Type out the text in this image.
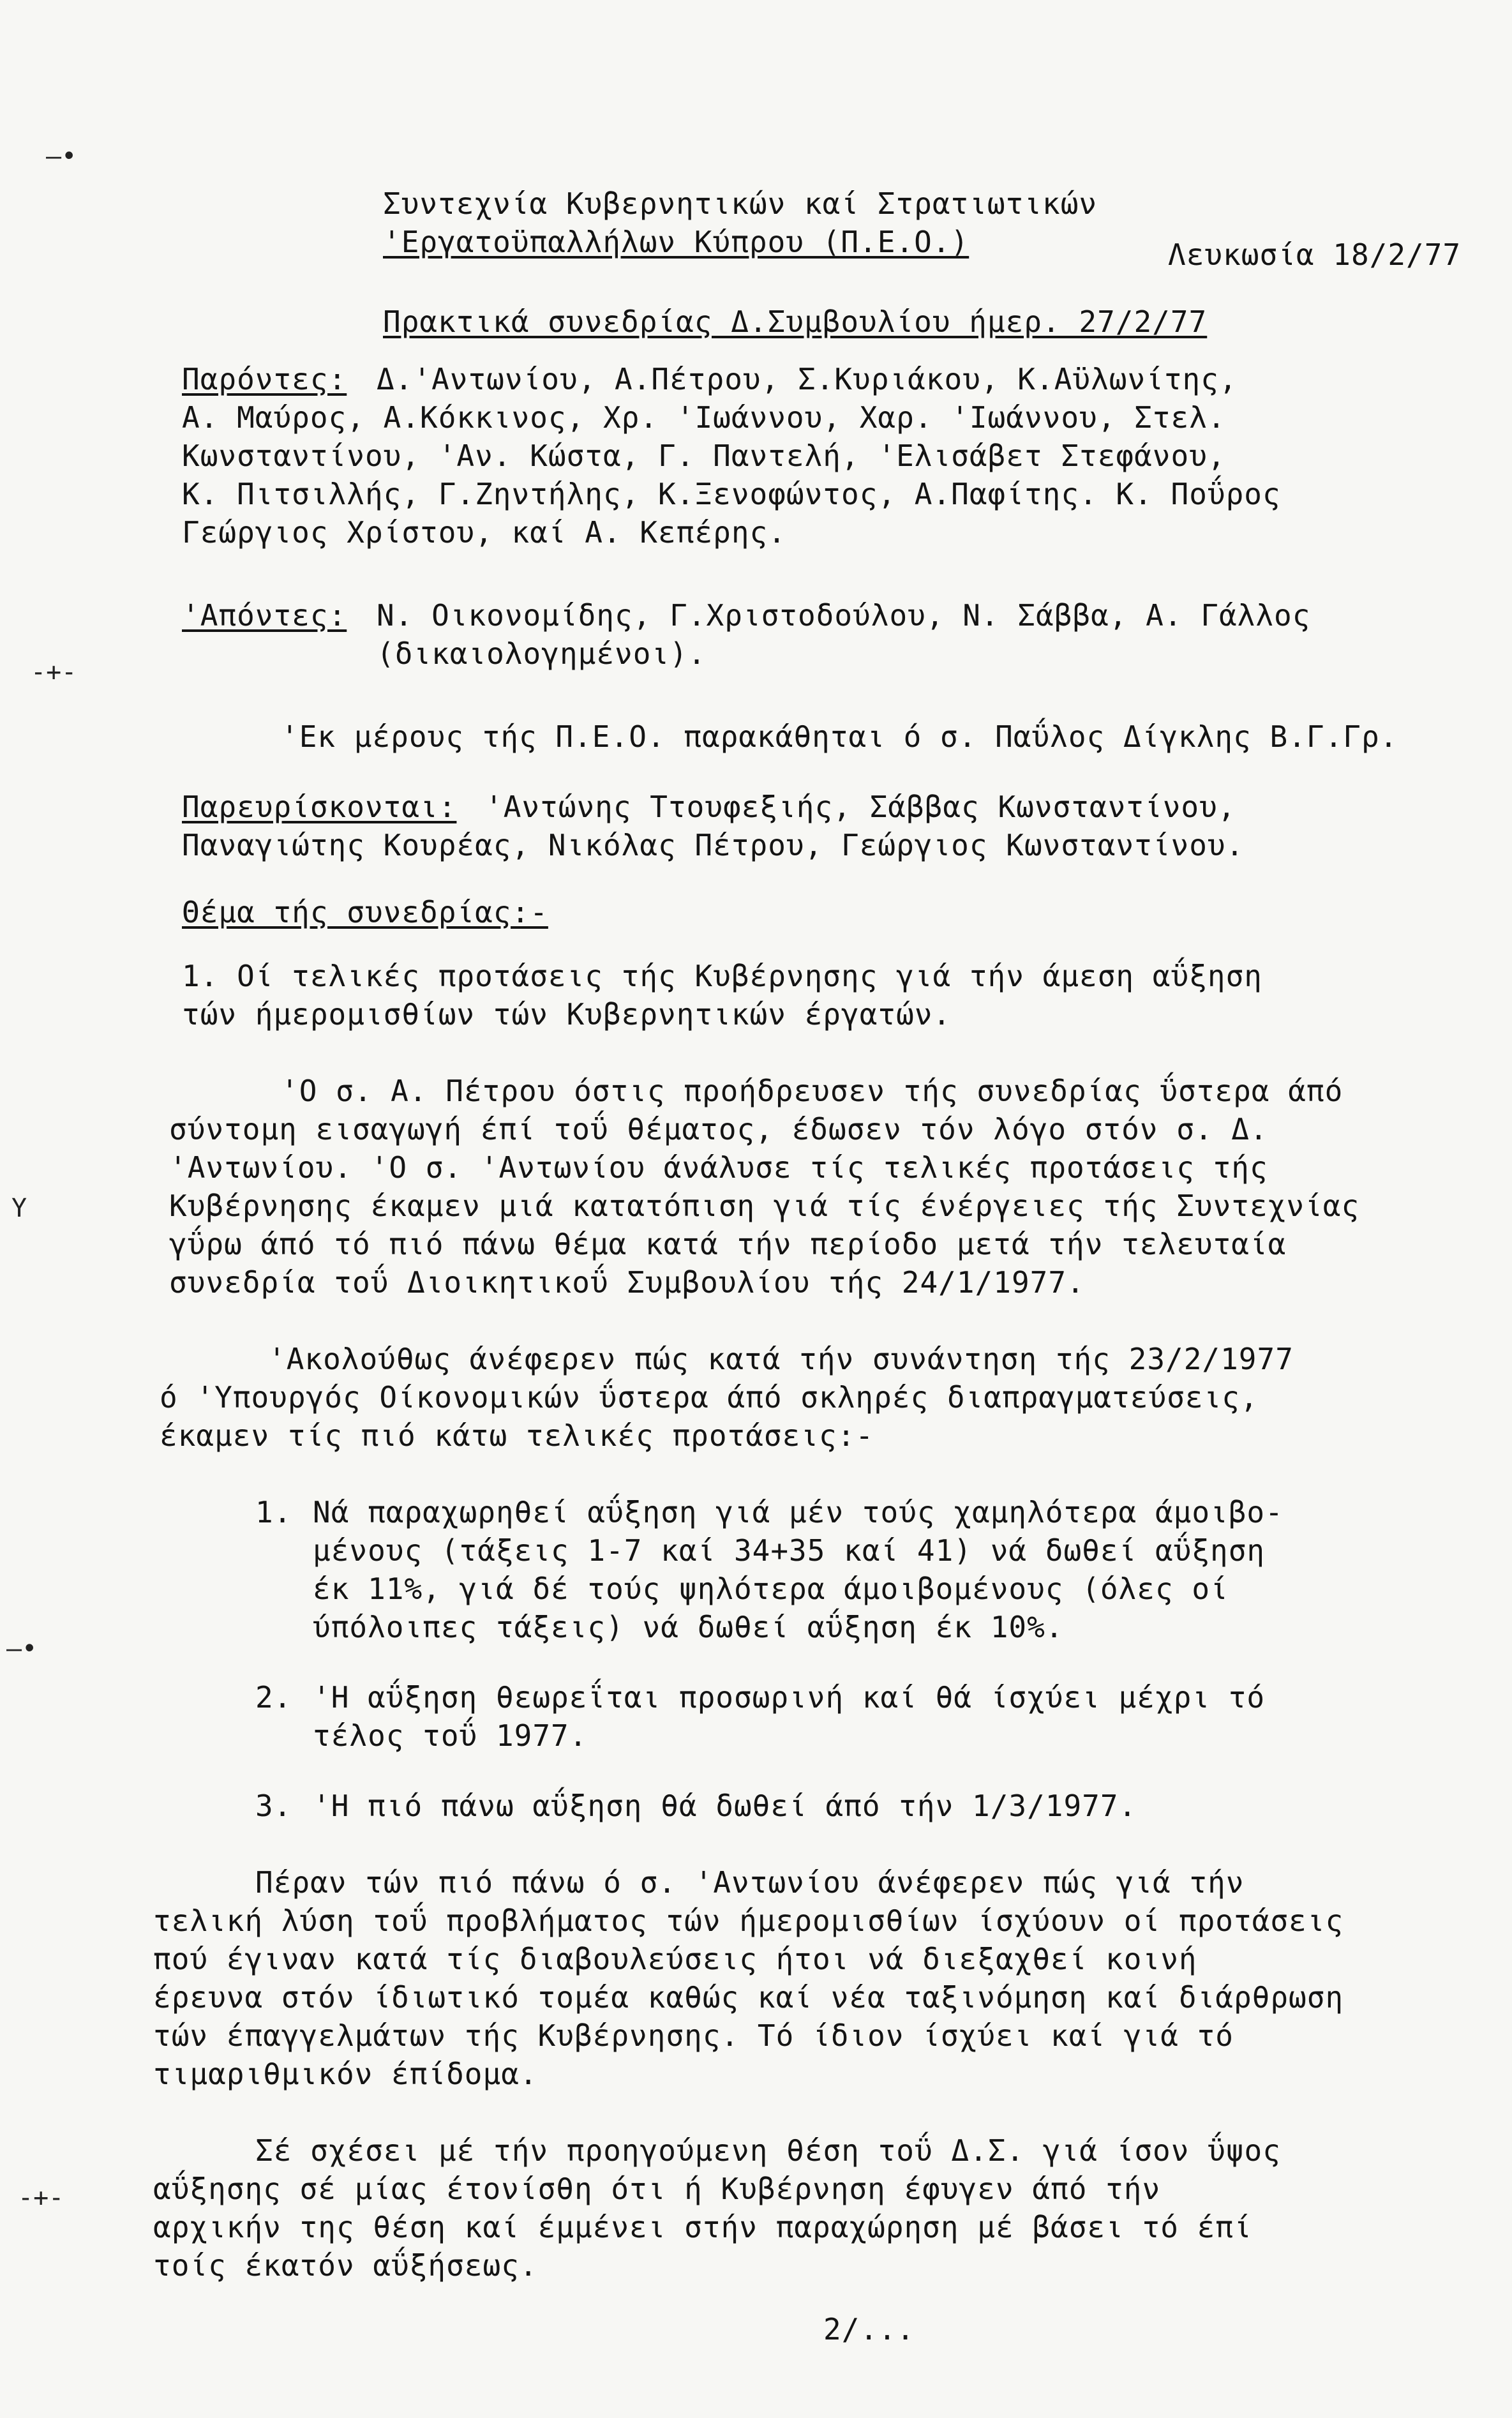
—•
-+-
Y
—•
-+-
Συντεχνία Κυβερνητικών καί Στρατιωτικών
'Εργατοϋπαλλήλων Κύπρου (Π.Ε.Ο.)	Λευκωσία 18/2/77
Πρακτικά συνεδρίας Δ.Συμβουλίου ήμερ. 27/2/77
Παρόντες: Δ.'Αντωνίου, Α.Πέτρου, Σ.Κυριάκου, Κ.Αϋλωνίτης,
Α. Μαύρος, Α.Κόκκινος, Χρ. 'Ιωάννου, Χαρ. 'Ιωάννου, Στελ.
Κωνσταντίνου, 'Αν. Κώστα, Γ. Παντελή, 'Ελισάβετ Στεφάνου,
Κ. Πιτσιλλής, Γ.Ζηντήλης, Κ.Ξενοφώντος, Α.Παφίτης. Κ. Ποΰρος
Γεώργιος Χρίστου, καί Α. Κεπέρης.
'Απόντες: Ν. Οικονομίδης, Γ.Χριστοδούλου, Ν. Σάββα, Α. Γάλλος
(δικαιολογημένοι).
'Εκ μέρους τής Π.Ε.Ο. παρακάθηται ό σ. Παΰλος Δίγκλης Β.Γ.Γρ.
Παρευρίσκονται: 'Αντώνης Ττουφεξιής, Σάββας Κωνσταντίνου,
Παναγιώτης Κουρέας, Νικόλας Πέτρου, Γεώργιος Κωνσταντίνου.
Θέμα τής συνεδρίας:-
1. Οί τελικές προτάσεις τής Κυβέρνησης γιά τήν άμεση αΰξηση
τών ήμερομισθίων τών Κυβερνητικών έργατών.
'Ο σ. Α. Πέτρου όστις προήδρευσεν τής συνεδρίας ΰστερα άπό
σύντομη εισαγωγή έπί τοΰ θέματος, έδωσεν τόν λόγο στόν σ. Δ.
'Αντωνίου. 'Ο σ. 'Αντωνίου άνάλυσε τίς τελικές προτάσεις τής
Κυβέρνησης έκαμεν μιά κατατόπιση γιά τίς ένέργειες τής Συντεχνίας
γΰρω άπό τό πιό πάνω θέμα κατά τήν περίοδο μετά τήν τελευταία
συνεδρία τοΰ Διοικητικοΰ Συμβουλίου τής 24/1/1977.
'Ακολούθως άνέφερεν πώς κατά τήν συνάντηση τής 23/2/1977
ό 'Υπουργός Οίκονομικών ΰστερα άπό σκληρές διαπραγματεύσεις,
έκαμεν τίς πιό κάτω τελικές προτάσεις:-
1. Νά παραχωρηθεί αΰξηση γιά μέν τούς χαμηλότερα άμοιβο-
μένους (τάξεις 1-7 καί 34+35 καί 41) νά δωθεί αΰξηση
έκ 11%, γιά δέ τούς ψηλότερα άμοιβομένους (όλες οί
ύπόλοιπες τάξεις) νά δωθεί αΰξηση έκ 10%.
2. 'Η αΰξηση θεωρεΐται προσωρινή καί θά ίσχύει μέχρι τό
τέλος τοΰ 1977.
3. 'Η πιό πάνω αΰξηση θά δωθεί άπό τήν 1/3/1977.
Πέραν τών πιό πάνω ό σ. 'Αντωνίου άνέφερεν πώς γιά τήν
τελική λύση τοΰ προβλήματος τών ήμερομισθίων ίσχύουν οί προτάσεις
πού έγιναν κατά τίς διαβουλεύσεις ήτοι νά διεξαχθεί κοινή
έρευνα στόν ίδιωτικό τομέα καθώς καί νέα ταξινόμηση καί διάρθρωση
τών έπαγγελμάτων τής Κυβέρνησης. Τό ίδιον ίσχύει καί γιά τό
τιμαριθμικόν έπίδομα.
Σέ σχέσει μέ τήν προηγούμενη θέση τοΰ Δ.Σ. γιά ίσον ΰψος
αΰξησης σέ μίας έτονίσθη ότι ή Κυβέρνηση έφυγεν άπό τήν
αρχικήν της θέση καί έμμένει στήν παραχώρηση μέ βάσει τό έπί
τοίς έκατόν αΰξήσεως.
2/...
